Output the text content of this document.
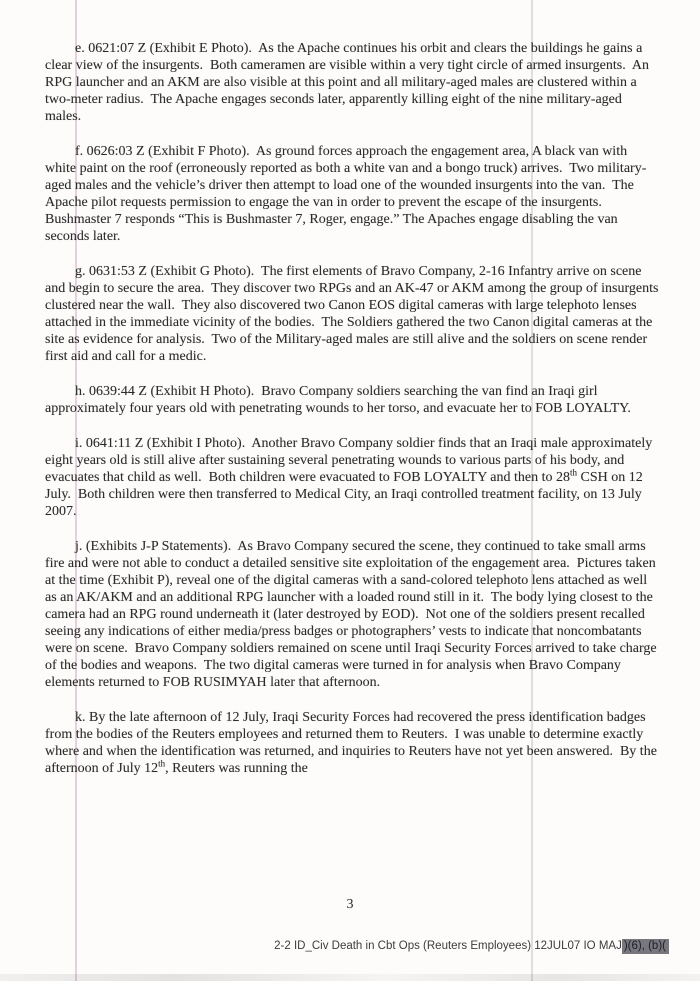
e. 0621:07 Z (Exhibit E Photo).  As the Apache continues his orbit and clears the buildings he gains a clear view of the insurgents.  Both cameramen are visible within a very tight circle of armed insurgents.  An RPG launcher and an AKM are also visible at this point and all military-aged males are clustered within a two-meter radius.  The Apache engages seconds later, apparently killing eight of the nine military-aged males.

f. 0626:03 Z (Exhibit F Photo).  As ground forces approach the engagement area, A black van with white paint on the roof (erroneously reported as both a white van and a bongo truck) arrives.  Two military-aged males and the vehicle’s driver then attempt to load one of the wounded insurgents into the van.  The Apache pilot requests permission to engage the van in order to prevent the escape of the insurgents.  Bushmaster 7 responds “This is Bushmaster 7, Roger, engage.” The Apaches engage disabling the van seconds later.

g. 0631:53 Z (Exhibit G Photo).  The first elements of Bravo Company, 2-16 Infantry arrive on scene and begin to secure the area.  They discover two RPGs and an AK-47 or AKM among the group of insurgents clustered near the wall.  They also discovered two Canon EOS digital cameras with large telephoto lenses attached in the immediate vicinity of the bodies.  The Soldiers gathered the two Canon digital cameras at the site as evidence for analysis.  Two of the Military-aged males are still alive and the soldiers on scene render first aid and call for a medic.

h. 0639:44 Z (Exhibit H Photo).  Bravo Company soldiers searching the van find an Iraqi girl approximately four years old with penetrating wounds to her torso, and evacuate her to FOB LOYALTY.

i. 0641:11 Z (Exhibit I Photo).  Another Bravo Company soldier finds that an Iraqi male approximately eight years old is still alive after sustaining several penetrating wounds to various parts of his body, and evacuates that child as well.  Both children were evacuated to FOB LOYALTY and then to 28th CSH on 12 July.  Both children were then transferred to Medical City, an Iraqi controlled treatment facility, on 13 July 2007.

j. (Exhibits J-P Statements).  As Bravo Company secured the scene, they continued to take small arms fire and were not able to conduct a detailed sensitive site exploitation of the engagement area.  Pictures taken at the time (Exhibit P), reveal one of the digital cameras with a sand-colored telephoto lens attached as well as an AK/AKM and an additional RPG launcher with a loaded round still in it.  The body lying closest to the camera had an RPG round underneath it (later destroyed by EOD).  Not one of the soldiers present recalled seeing any indications of either media/press badges or photographers’ vests to indicate that noncombatants were on scene.  Bravo Company soldiers remained on scene until Iraqi Security Forces arrived to take charge of the bodies and weapons.  The two digital cameras were turned in for analysis when Bravo Company elements returned to FOB RUSIMYAH later that afternoon.

k. By the late afternoon of 12 July, Iraqi Security Forces had recovered the press identification badges from the bodies of the Reuters employees and returned them to Reuters.  I was unable to determine exactly where and when the identification was returned, and inquiries to Reuters have not yet been answered.  By the afternoon of July 12th, Reuters was running the

3
2-2 ID_Civ Death in Cbt Ops (Reuters Employees) 12JUL07 IO MAJ )(6), (b)(
